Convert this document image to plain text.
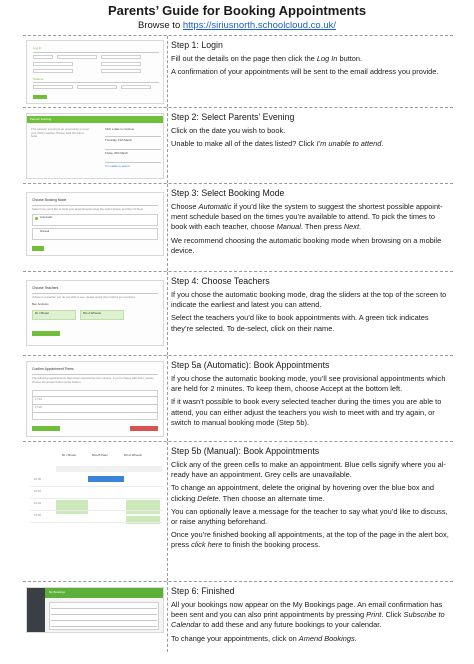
Parents’ Guide for Booking Appointments
Browse to https://siriusnorth.schoolcloud.co.uk/
Log In
Student
Step 1: Login

Fill out the details on the page then click the Log In button.

A confirmation of your appointments will be sent to the email address you provide.

Parents' Evening
This parents' evening is an opportunity to meet your child's teacher. Please click the link to book
Click a date to continue
Thursday, 19th March
Friday, 20th March
I'm unable to attend
Step 2: Select Parents’ Evening

Click on the date you wish to book.

Unable to make all of the dates listed? Click I’m unable to attend.

Choose Booking Mode
Select how you'd like to book your appointments using the option below, and then hit Next.
Automatic
Manual
Step 3: Select Booking Mode

Choose Automatic if you’d like the system to suggest the shortest possible appoint-ment schedule based on the times you’re available to attend. To pick the times to book with each teacher, choose Manual. Then press Next.

We recommend choosing the automatic booking mode when browsing on a mobile device.

Choose Teachers
If there is a teacher you do not wish to see, please untick them before you continue.
Ben Andrews
Mr J Brown	Mrs A Wheeler
Step 4: Choose Teachers

If you chose the automatic booking mode, drag the sliders at the top of the screen to indicate the earliest and latest you can attend.

Select the teachers you’d like to book appointments with. A green tick indicates they’re selected. To de-select, click on their name.

Confirm Appointment Times
The following appointments have been reserved for two minutes. If you're happy with them, please choose the Accept button at the bottom.
17:10
17:20
Step 5a (Automatic): Book Appointments

If you chose the automatic booking mode, you’ll see provisional appointments which are held for 2 minutes. To keep them, choose Accept at the bottom left.

If it wasn’t possible to book every selected teacher during the times you are able to attend, you can either adjust the teachers you wish to meet with and try again, or switch to manual booking mode (Step 5b).

Mr J Brown	Miss B Patel	Mrs A Wheeler
16:00
16:10
16:20
16:30
Step 5b (Manual): Book Appointments

Click any of the green cells to make an appointment. Blue cells signify where you al-ready have an appointment. Grey cells are unavailable.

To change an appointment, delete the original by hovering over the blue box and clicking Delete. Then choose an alternate time.

You can optionally leave a message for the teacher to say what you’d like to discuss, or raise anything beforehand.

Once you’re finished booking all appointments, at the top of the page in the alert box, press click here to finish the booking process.

My Bookings	Step 6: Finished

All your bookings now appear on the My Bookings page. An email confirmation has been sent and you can also print appointments by pressing Print. Click Subscribe to Calendar to add these and any future bookings to your calendar.

To change your appointments, click on Amend Bookings.
